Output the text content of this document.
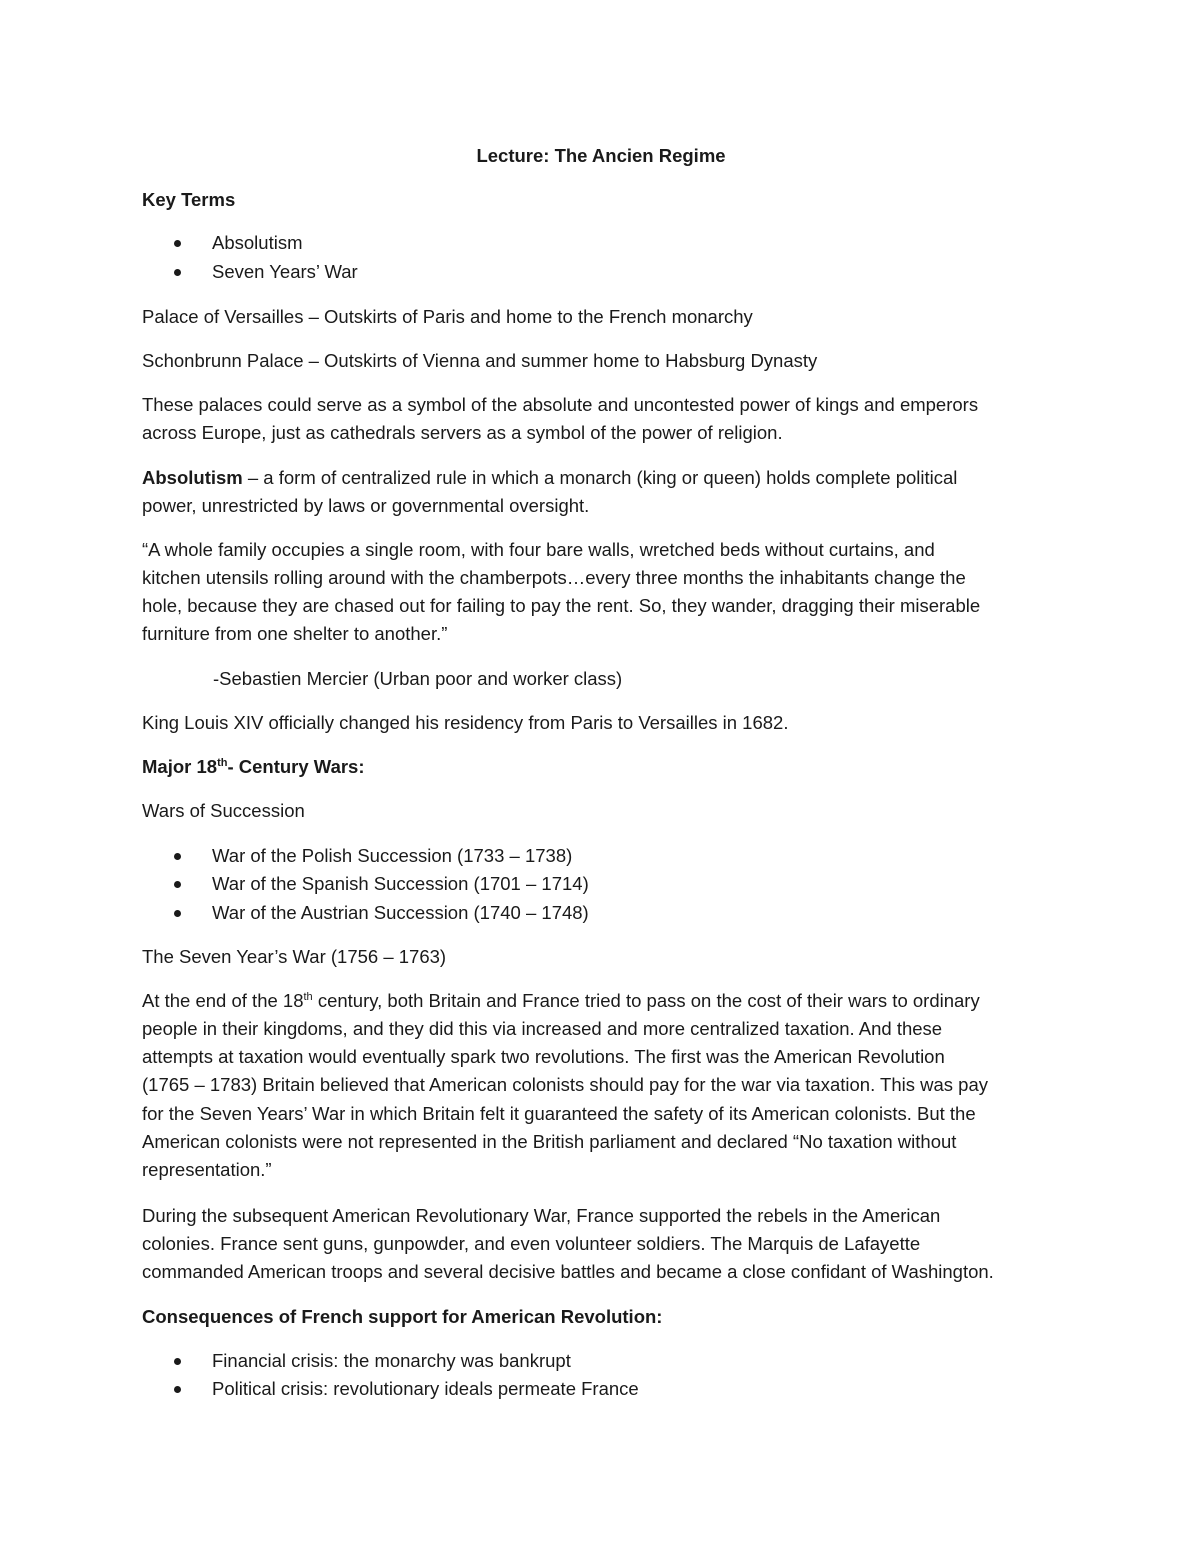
Lecture: The Ancien Regime
Key Terms
Absolutism
Seven Years’ War
Palace of Versailles – Outskirts of Paris and home to the French monarchy
Schonbrunn Palace – Outskirts of Vienna and summer home to Habsburg Dynasty
These palaces could serve as a symbol of the absolute and uncontested power of kings and emperors
across Europe, just as cathedrals servers as a symbol of the power of religion.
Absolutism – a form of centralized rule in which a monarch (king or queen) holds complete political
power, unrestricted by laws or governmental oversight.
“A whole family occupies a single room, with four bare walls, wretched beds without curtains, and
kitchen utensils rolling around with the chamberpots…every three months the inhabitants change the
hole, because they are chased out for failing to pay the rent. So, they wander, dragging their miserable
furniture from one shelter to another.”
-Sebastien Mercier (Urban poor and worker class)
King Louis XIV officially changed his residency from Paris to Versailles in 1682.
Major 18th- Century Wars:
Wars of Succession
War of the Polish Succession (1733 – 1738)
War of the Spanish Succession (1701 – 1714)
War of the Austrian Succession (1740 – 1748)
The Seven Year’s War (1756 – 1763)
At the end of the 18th century, both Britain and France tried to pass on the cost of their wars to ordinary
people in their kingdoms, and they did this via increased and more centralized taxation. And these
attempts at taxation would eventually spark two revolutions. The first was the American Revolution
(1765 – 1783) Britain believed that American colonists should pay for the war via taxation. This was pay
for the Seven Years’ War in which Britain felt it guaranteed the safety of its American colonists. But the
American colonists were not represented in the British parliament and declared “No taxation without
representation.”
During the subsequent American Revolutionary War, France supported the rebels in the American
colonies. France sent guns, gunpowder, and even volunteer soldiers. The Marquis de Lafayette
commanded American troops and several decisive battles and became a close confidant of Washington.
Consequences of French support for American Revolution:
Financial crisis: the monarchy was bankrupt
Political crisis: revolutionary ideals permeate France
